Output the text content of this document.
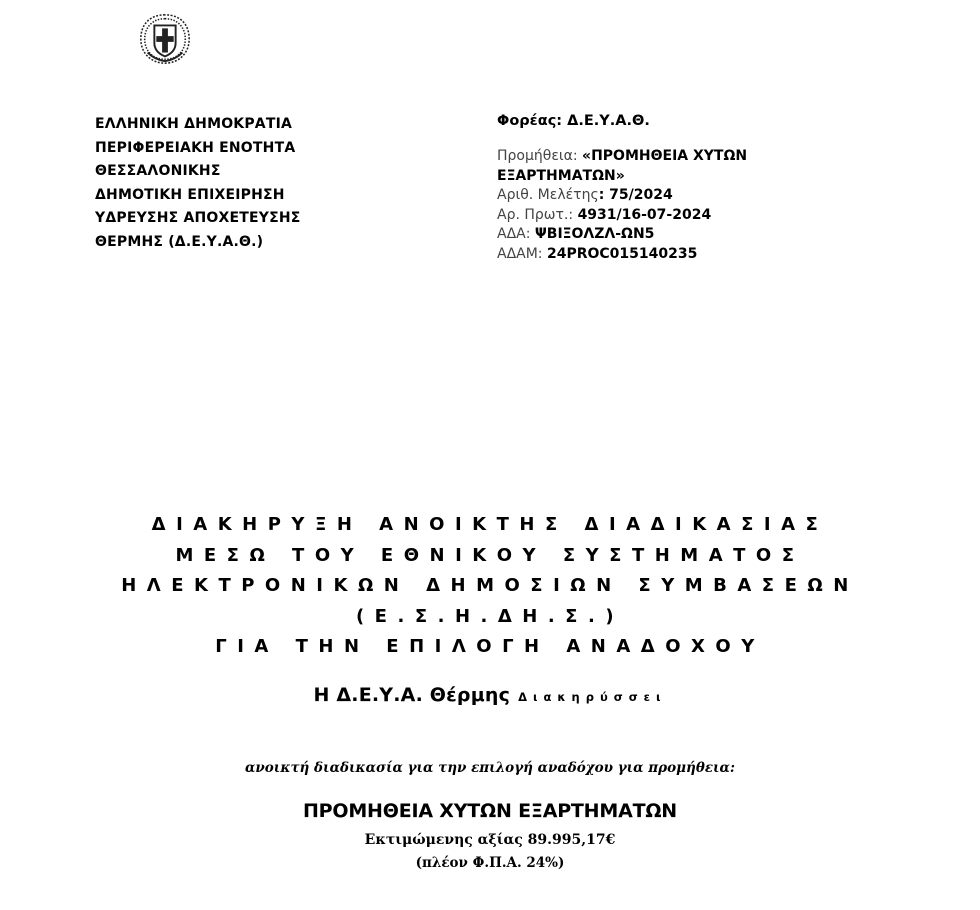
ΕΛΛΗΝΙΚΗ ΔΗΜΟΚΡΑΤΙΑ
ΠΕΡΙΦΕΡΕΙΑΚΗ ΕΝΟΤΗΤΑ
ΘΕΣΣΑΛΟΝΙΚΗΣ
ΔΗΜΟΤΙΚΗ ΕΠΙΧΕΙΡΗΣΗ
ΥΔΡΕΥΣΗΣ ΑΠΟΧΕΤΕΥΣΗΣ
ΘΕΡΜΗΣ (Δ.Ε.Υ.Α.Θ.)
Φορέας: Δ.Ε.Υ.Α.Θ.
Προμήθεια: «ΠΡΟΜΗΘΕΙΑ ΧΥΤΩΝ
ΕΞΑΡΤΗΜΑΤΩΝ»
Αριθ. Μελέτης: 75/2024
Αρ. Πρωτ.: 4931/16-07-2024
ΑΔΑ: ΨΒΙΞΟΛΖΛ-ΩΝ5
ΑΔΑΜ: 24PROC015140235
ΔΙΑΚΗΡΥΞΗ ΑΝΟΙΚΤΗΣ ΔΙΑΔΙΚΑΣΙΑΣ
ΜΕΣΩ ΤΟΥ ΕΘΝΙΚΟΥ ΣΥΣΤΗΜΑΤΟΣ
ΗΛΕΚΤΡΟΝΙΚΩΝ ΔΗΜΟΣΙΩΝ ΣΥΜΒΑΣΕΩΝ
(Ε.Σ.Η.ΔΗ.Σ.)
ΓΙΑ ΤΗΝ ΕΠΙΛΟΓΗ ΑΝΑΔΟΧΟΥ
Η Δ.Ε.Υ.Α. Θέρμης Διακηρύσσει
ανοικτή διαδικασία για την επιλογή αναδόχου για προμήθεια:
ΠΡΟΜΗΘΕΙΑ ΧΥΤΩΝ ΕΞΑΡΤΗΜΑΤΩΝ
Εκτιμώμενης αξίας 89.995,17€
(πλέον Φ.Π.Α. 24%)
